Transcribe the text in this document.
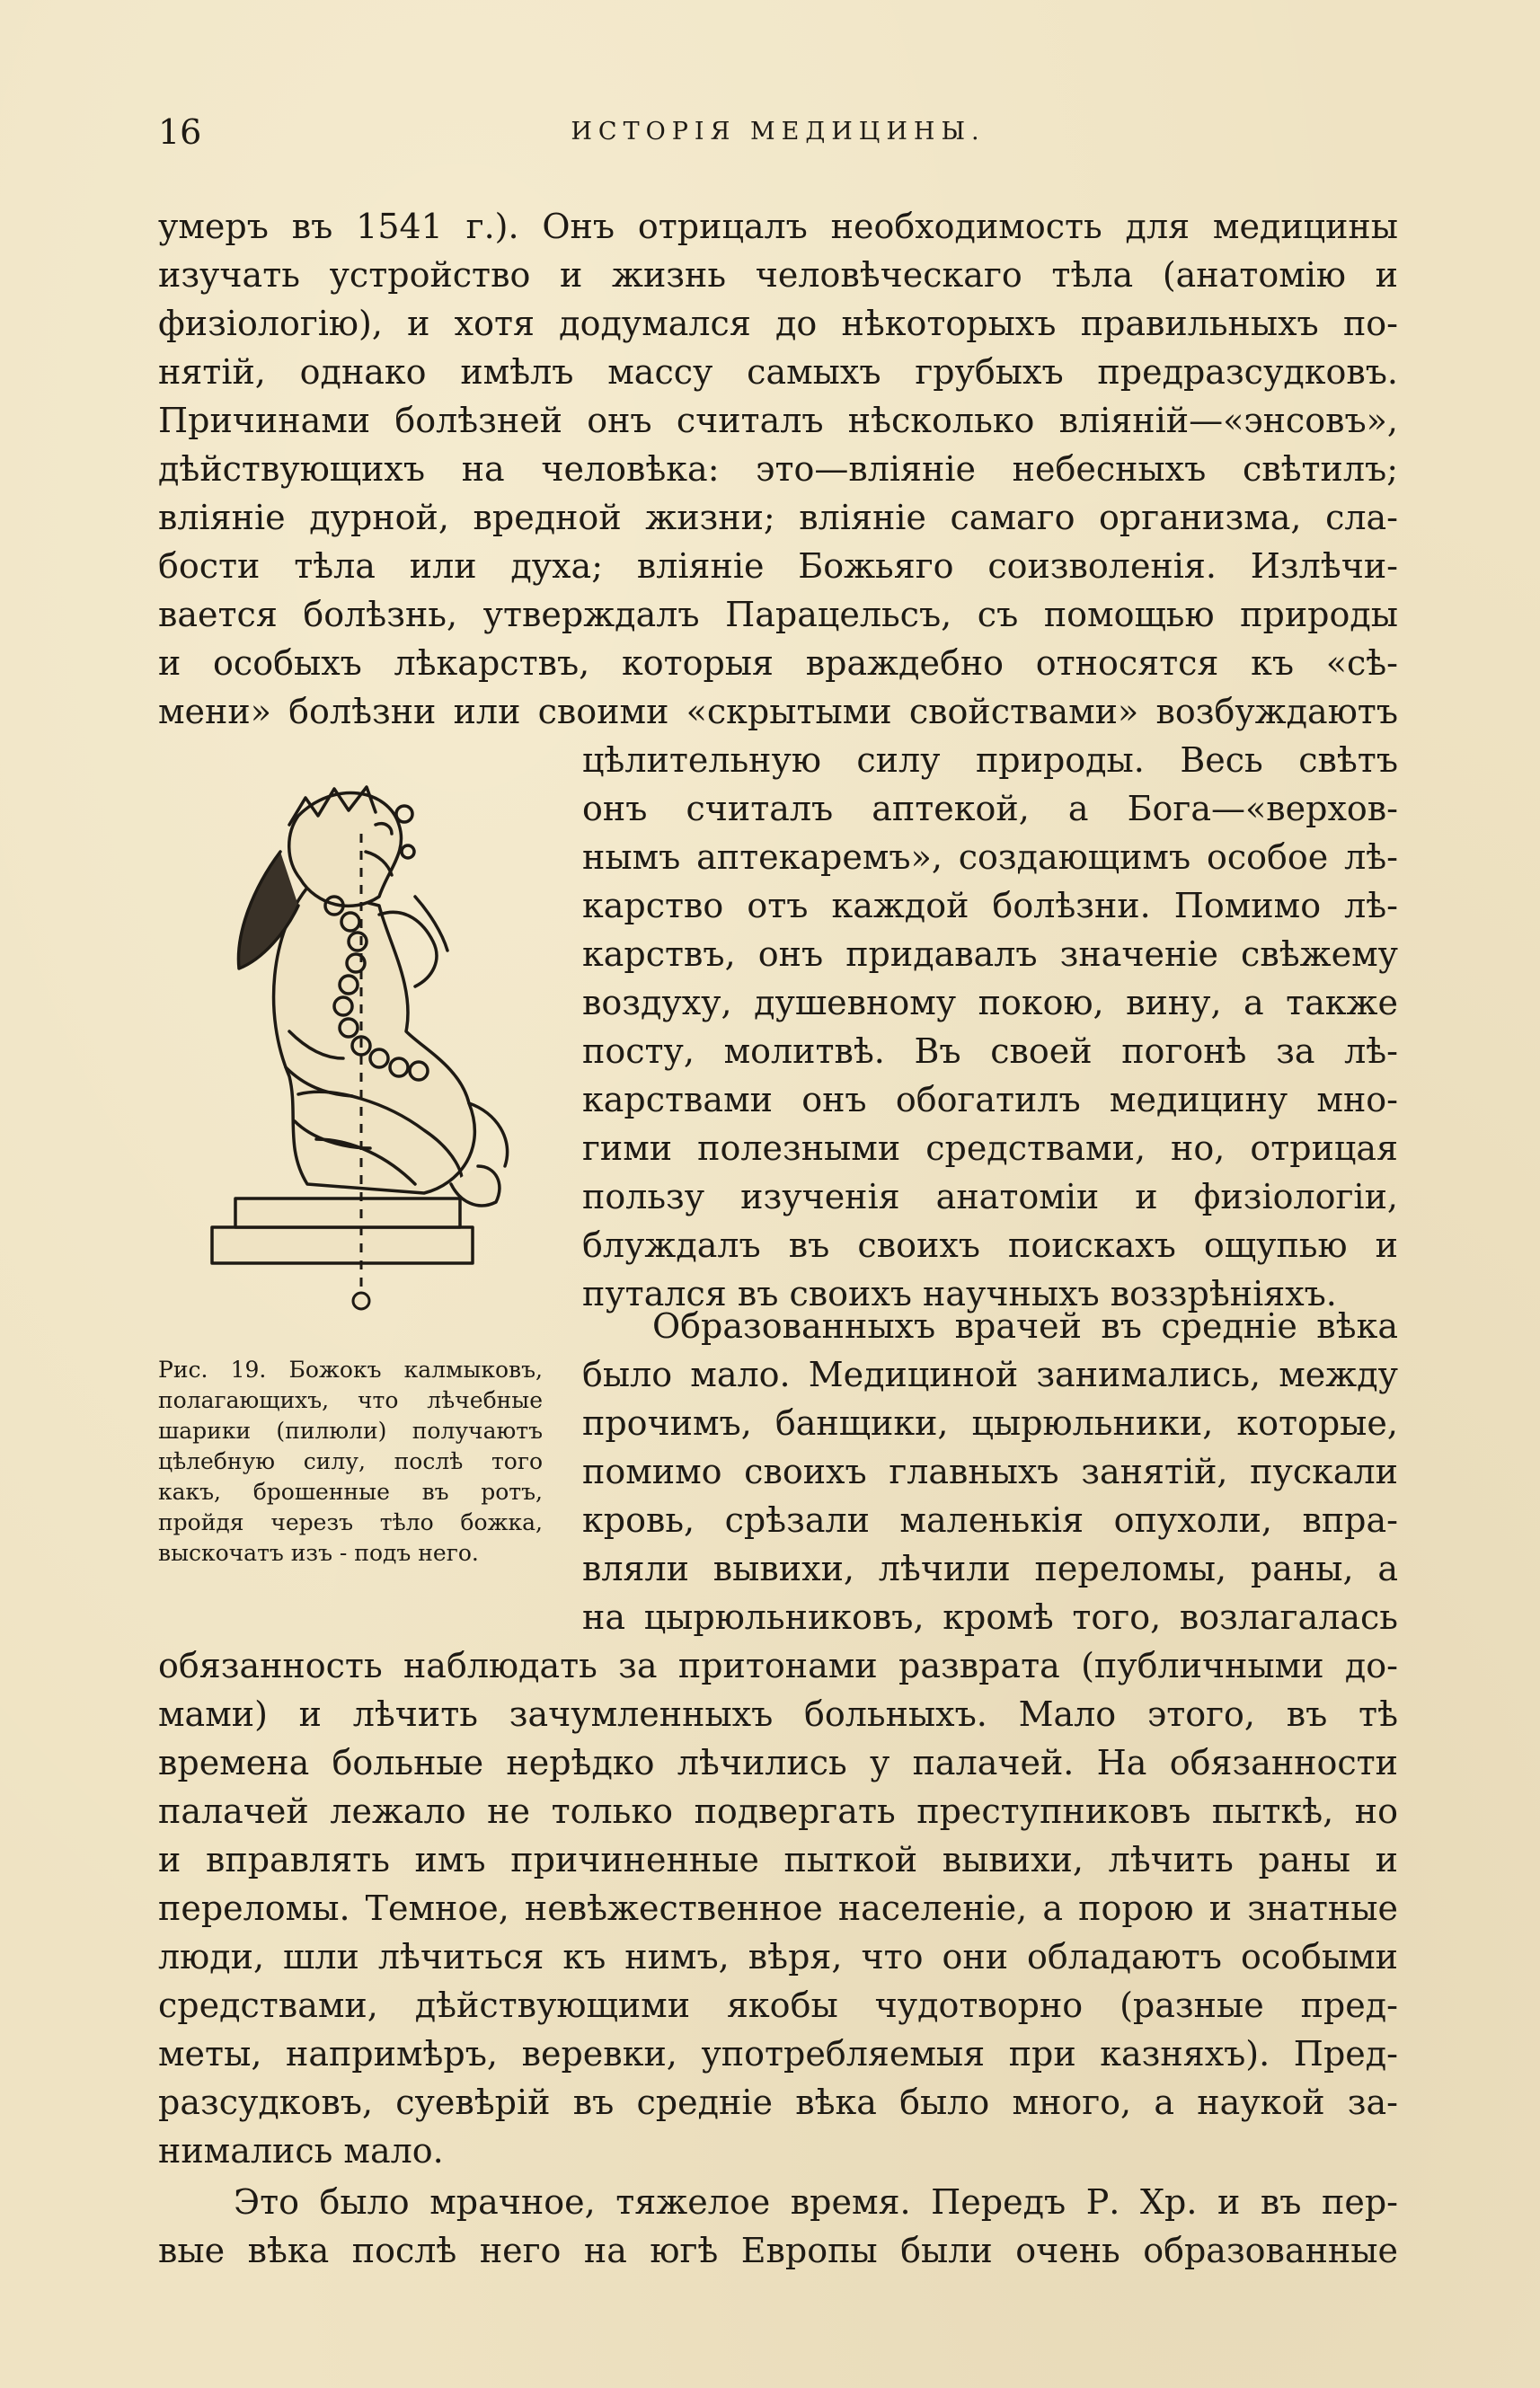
16	ИСТОРІЯ МЕДИЦИНЫ.
умеръ въ 1541 г.). Онъ отрицалъ необходимость для медицины
изучать устройство и жизнь человѣческаго тѣла (анатомію и
физіологію), и хотя додумался до нѣкоторыхъ правильныхъ по-
нятій, однако имѣлъ массу самыхъ грубыхъ предразсудковъ.
Причинами болѣзней онъ считалъ нѣсколько вліяній—«энсовъ»,
дѣйствующихъ на человѣка: это—вліяніе небесныхъ свѣтилъ;
вліяніе дурной, вредной жизни; вліяніе самаго организма, сла-
бости тѣла или духа; вліяніе Божьяго соизволенія. Излѣчи-
вается болѣзнь, утверждалъ Парацельсъ, съ помощью природы
и особыхъ лѣкарствъ, которыя враждебно относятся къ «сѣ-
мени» болѣзни или своими «скрытыми свойствами» возбуждаютъ
Рис. 19. Божокъ калмыковъ,
полагающихъ, что лѣчебные
шарики (пилюли) получаютъ
цѣлебную силу, послѣ того
какъ, брошенные въ ротъ,
пройдя черезъ тѣло божка,
выскочатъ изъ - подъ него.
цѣлительную силу природы. Весь свѣтъ
онъ считалъ аптекой, а Бога—«верхов-
нымъ аптекаремъ», создающимъ особое лѣ-
карство отъ каждой болѣзни. Помимо лѣ-
карствъ, онъ придавалъ значеніе свѣжему
воздуху, душевному покою, вину, а также
посту, молитвѣ. Въ своей погонѣ за лѣ-
карствами онъ обогатилъ медицину мно-
гими полезными средствами, но, отрицая
пользу изученія анатоміи и физіологіи,
блуждалъ въ своихъ поискахъ ощупью и
путался въ своихъ научныхъ воззрѣніяхъ.
Образованныхъ врачей въ средніе вѣка
было мало. Медициной занимались, между
прочимъ, банщики, цырюльники, которые,
помимо своихъ главныхъ занятій, пускали
кровь, срѣзали маленькія опухоли, впра-
вляли вывихи, лѣчили переломы, раны, а
на цырюльниковъ, кромѣ того, возлагалась
обязанность наблюдать за притонами разврата (публичными до-
мами) и лѣчить зачумленныхъ больныхъ. Мало этого, въ тѣ
времена больные нерѣдко лѣчились у палачей. На обязанности
палачей лежало не только подвергать преступниковъ пыткѣ, но
и вправлять имъ причиненные пыткой вывихи, лѣчить раны и
переломы. Темное, невѣжественное населеніе, а порою и знатные
люди, шли лѣчиться къ нимъ, вѣря, что они обладаютъ особыми
средствами, дѣйствующими якобы чудотворно (разные пред-
меты, напримѣръ, веревки, употребляемыя при казняхъ). Пред-
разсудковъ, суевѣрій въ средніе вѣка было много, а наукой за-
нимались мало.
Это было мрачное, тяжелое время. Передъ Р. Хр. и въ пер-
вые вѣка послѣ него на югѣ Европы были очень образованные
